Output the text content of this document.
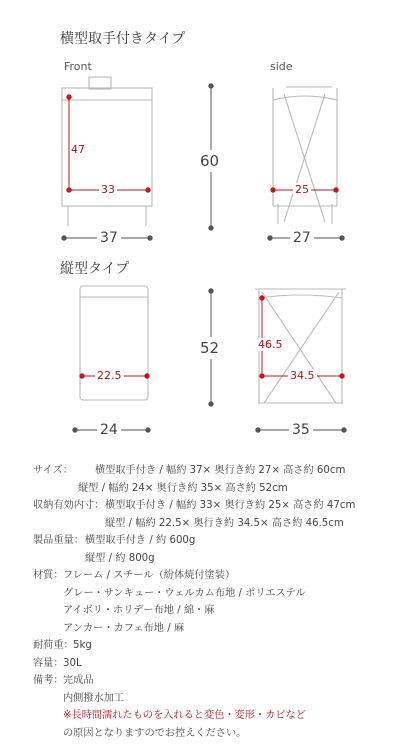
横型取手付きタイプ
Front	side
縦型タイプ
47
33	25
60
37	27
22.5
46.5
34.5
52
24	35
サイズ： 横型取手付き / 幅約 37× 奥行き約 27× 高さ約 60cm
縦型 / 幅約 24× 奥行き約 35× 高さ約 52cm
収納有効内寸： 横型取手付き / 幅約 33× 奥行き約 25× 高さ約 47cm
縦型 / 幅約 22.5× 奥行き約 34.5× 高さ約 46.5cm
製品重量： 横型取手付き / 約 600g
縦型 / 約 800g
材質： フレーム / スチール（紛体焼付塗装）
グレー・サンキュー・ウェルカム布地 / ポリエステル
アイボリ・ホリデー布地 / 綿・麻
アンカー・カフェ布地 / 麻
耐荷重： 5kg
容量： 30L
備考： 完成品
内側撥水加工
※長時間濡れたものを入れると変色・変形・カビなど
の原因となりますのでお控えください。
